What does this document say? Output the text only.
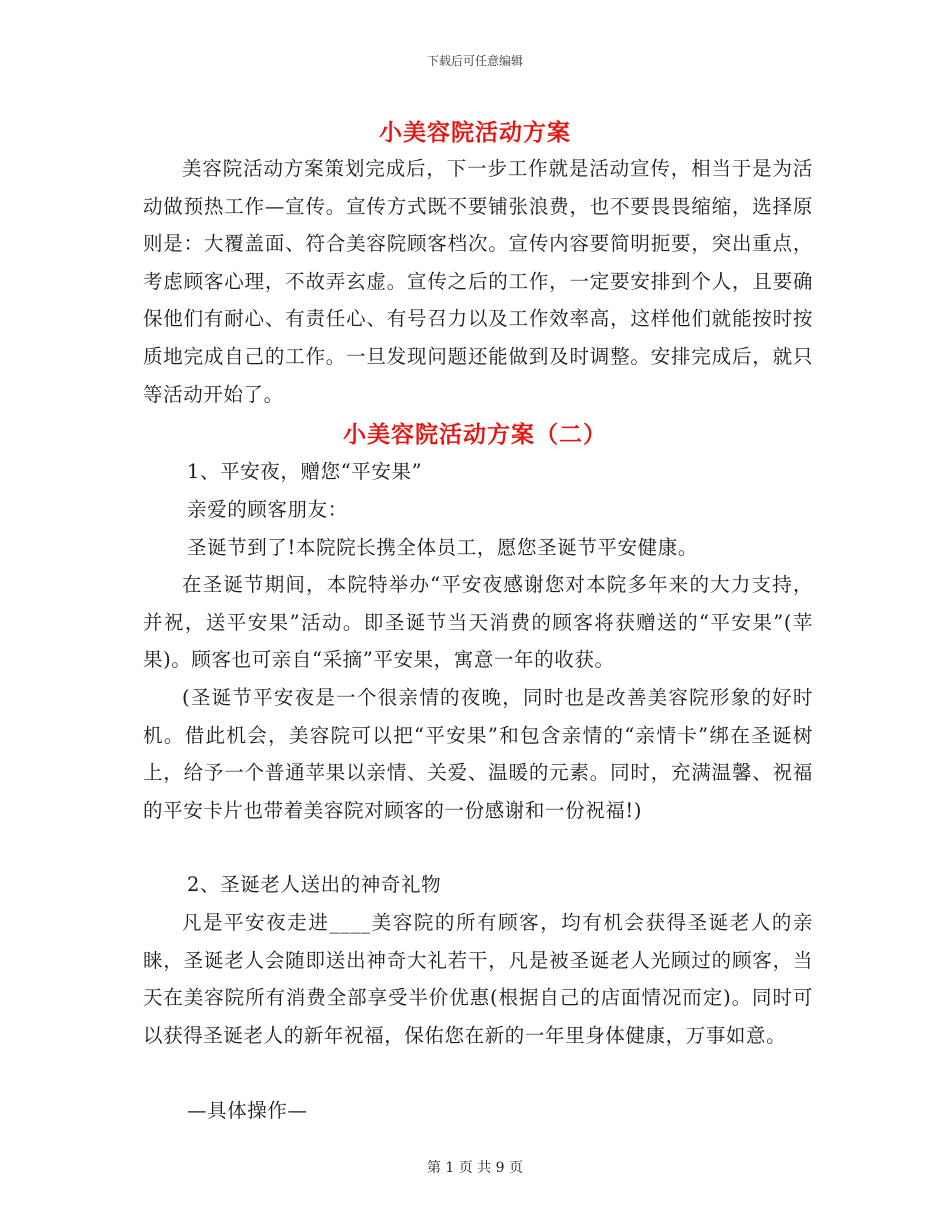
下载后可任意编辑
小美容院活动方案

美容院活动方案策划完成后，下一步工作就是活动宣传，相当于是为活动做预热工作—宣传。宣传方式既不要铺张浪费，也不要畏畏缩缩，选择原则是：大覆盖面、符合美容院顾客档次。宣传内容要简明扼要，突出重点，考虑顾客心理，不故弄玄虚。宣传之后的工作，一定要安排到个人，且要确保他们有耐心、有责任心、有号召力以及工作效率高，这样他们就能按时按质地完成自己的工作。一旦发现问题还能做到及时调整。安排完成后，就只等活动开始了。

小美容院活动方案（二）
1、平安夜，赠您“平安果”
亲爱的顾客朋友：
圣诞节到了!本院院长携全体员工，愿您圣诞节平安健康。

在圣诞节期间，本院特举办“平安夜感谢您对本院多年来的大力支持，并祝，送平安果”活动。即圣诞节当天消费的顾客将获赠送的“平安果”(苹果)。顾客也可亲自“采摘”平安果，寓意一年的收获。

(圣诞节平安夜是一个很亲情的夜晚，同时也是改善美容院形象的好时机。借此机会，美容院可以把“平安果”和包含亲情的“亲情卡”绑在圣诞树上，给予一个普通苹果以亲情、关爱、温暖的元素。同时，充满温馨、祝福的平安卡片也带着美容院对顾客的一份感谢和一份祝福!)

2、圣诞老人送出的神奇礼物

凡是平安夜走进____美容院的所有顾客，均有机会获得圣诞老人的亲睐，圣诞老人会随即送出神奇大礼若干，凡是被圣诞老人光顾过的顾客，当天在美容院所有消费全部享受半价优惠(根据自己的店面情况而定)。同时可以获得圣诞老人的新年祝福，保佑您在新的一年里身体健康，万事如意。

—具体操作—
第 1 页 共 9 页
